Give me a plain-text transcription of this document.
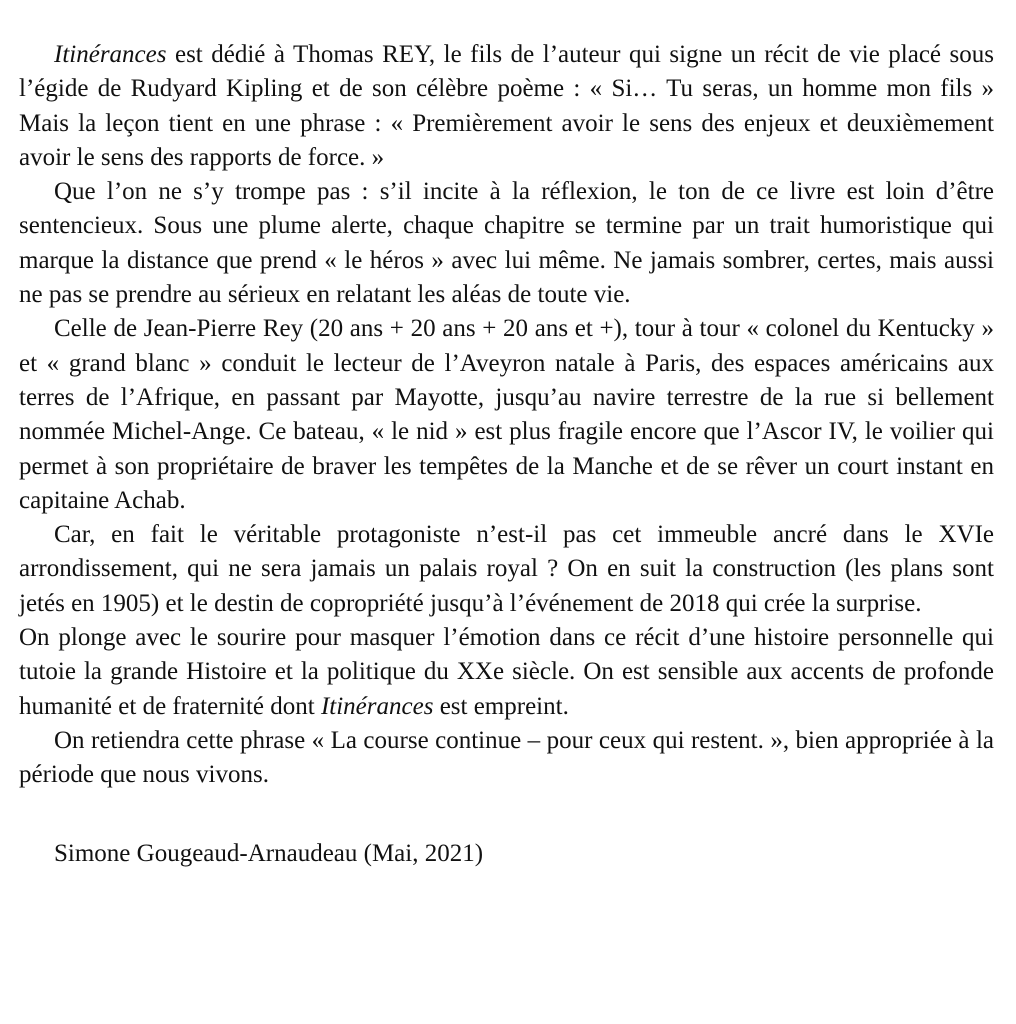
Itinérances est dédié à Thomas REY, le fils de l’auteur qui signe un récit de vie placé sous l’égide de Rudyard Kipling et de son célèbre poème : « Si… Tu seras, un homme mon fils » Mais la leçon tient en une phrase : « Premièrement avoir le sens des enjeux et deuxièmement avoir le sens des rapports de force. »

Que l’on ne s’y trompe pas : s’il incite à la réflexion, le ton de ce livre est loin d’être sentencieux. Sous une plume alerte, chaque chapitre se termine par un trait humoristique qui marque la distance que prend « le héros » avec lui même. Ne jamais sombrer, certes, mais aussi ne pas se prendre au sérieux en relatant les aléas de toute vie.

Celle de Jean-Pierre Rey (20 ans + 20 ans + 20 ans et +), tour à tour « colonel du Kentucky » et « grand blanc » conduit le lecteur de l’Aveyron natale à Paris, des espaces américains aux terres de l’Afrique, en passant par Mayotte, jusqu’au navire terrestre de la rue si bellement nommée Michel-Ange. Ce bateau, « le nid » est plus fragile encore que l’Ascor IV, le voilier qui permet à son propriétaire de braver les tempêtes de la Manche et de se rêver un court instant en capitaine Achab.

Car, en fait le véritable protagoniste n’est-il pas cet immeuble ancré dans le XVIe arrondissement, qui ne sera jamais un palais royal ? On en suit la construction (les plans sont jetés en 1905) et le destin de copropriété jusqu’à l’événement de 2018 qui crée la surprise.

On plonge avec le sourire pour masquer l’émotion dans ce récit d’une histoire personnelle qui tutoie la grande Histoire et la politique du XXe siècle. On est sensible aux accents de profonde humanité et de fraternité dont Itinérances est empreint.

On retiendra cette phrase « La course continue – pour ceux qui restent. », bien appropriée à la période que nous vivons.

Simone Gougeaud-Arnaudeau (Mai, 2021)
